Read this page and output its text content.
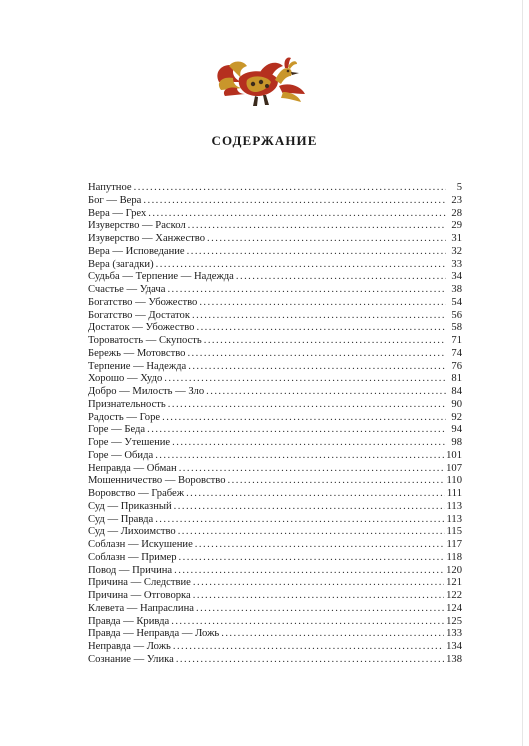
СОДЕРЖАНИЕ
Напутное . . .	5
Бог — Вера . . .	23
Вера — Грех . . .	28
Изуверство — Раскол . . .	29
Изуверство — Ханжество . . .	31
Вера — Исповедание . . .	32
Вера (загадки) . . .	33
Судьба — Терпение — Надежда . . .	34
Счастье — Удача . . .	38
Богатство — Убожество . . .	54
Богатство — Достаток . . .	56
Достаток — Убожество . . .	58
Тороватость — Скупость . . .	71
Бережь — Мотовство . . .	74
Терпение — Надежда . . .	76
Хорошо — Худо . . .	81
Добро — Милость — Зло . . .	84
Признательность . . .	90
Радость — Горе . . .	92
Горе — Беда . . .	94
Горе — Утешение . . .	98
Горе — Обида . . .	101
Неправда — Обман . . .	107
Мошенничество — Воровство . . .	110
Воровство — Грабеж . . .	111
Суд — Приказный . . .	113
Суд — Правда . . .	113
Суд — Лихоимство . . .	115
Соблазн — Искушение . . .	117
Соблазн — Пример . . .	118
Повод — Причина . . .	120
Причина — Следствие . . .	121
Причина — Отговорка . . .	122
Клевета — Напраслина . . .	124
Правда — Кривда . . .	125
Правда — Неправда — Ложь . . .	133
Неправда — Ложь . . .	134
Сознание — Улика . . .	138
